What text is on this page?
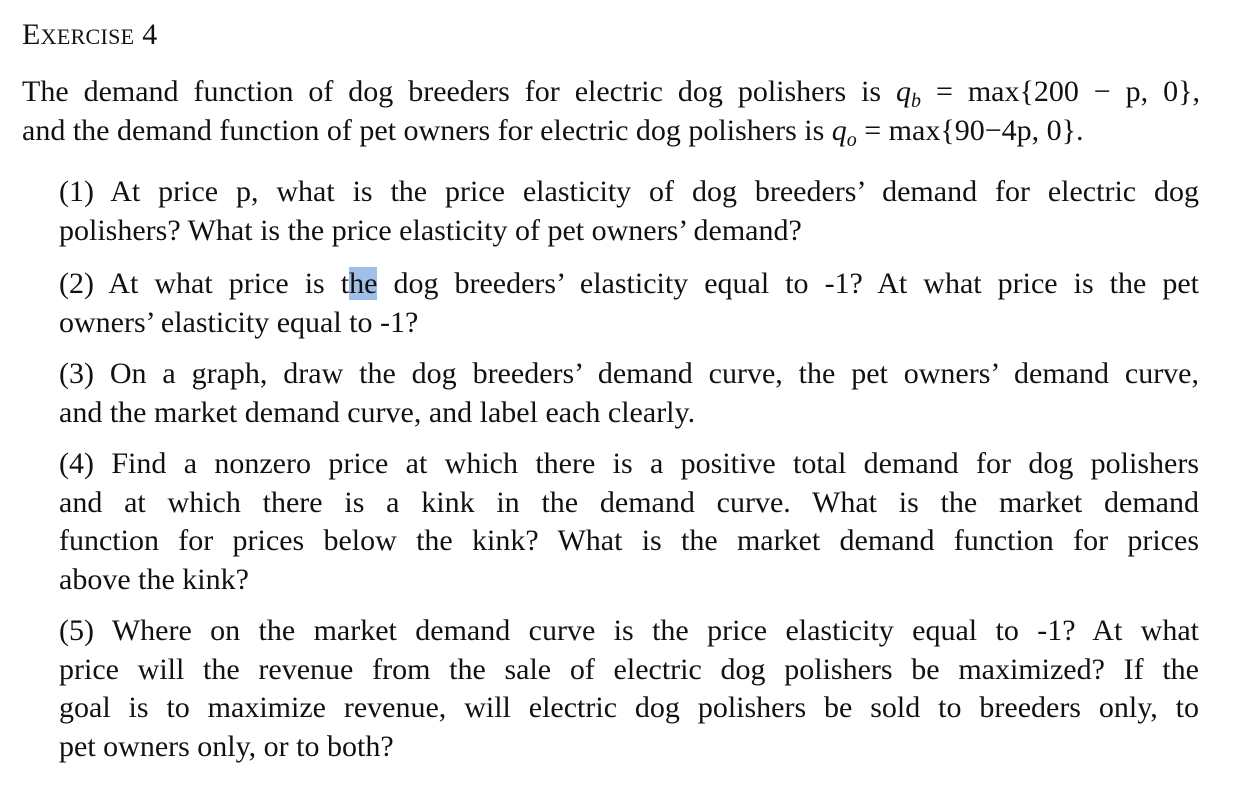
EXERCISE 4
The demand function of dog breeders for electric dog polishers is $q_b = \max\{200 - p$, 0},
and the demand function of pet owners for electric dog polishers is $q_o = \max\{90-4p$, 0}.
(1) At price p, what is the price elasticity of dog breeders’ demand for electric dog
polishers? What is the price elasticity of pet owners’ demand?
(2) At what price is the dog breeders’ elasticity equal to -1? At what price is the pet
owners’ elasticity equal to -1?
(3) On a graph, draw the dog breeders’ demand curve, the pet owners’ demand curve,
and the market demand curve, and label each clearly.
(4) Find a nonzero price at which there is a positive total demand for dog polishers
and at which there is a kink in the demand curve. What is the market demand
function for prices below the kink? What is the market demand function for prices
above the kink?
(5) Where on the market demand curve is the price elasticity equal to -1? At what
price will the revenue from the sale of electric dog polishers be maximized? If the
goal is to maximize revenue, will electric dog polishers be sold to breeders only, to
pet owners only, or to both?
